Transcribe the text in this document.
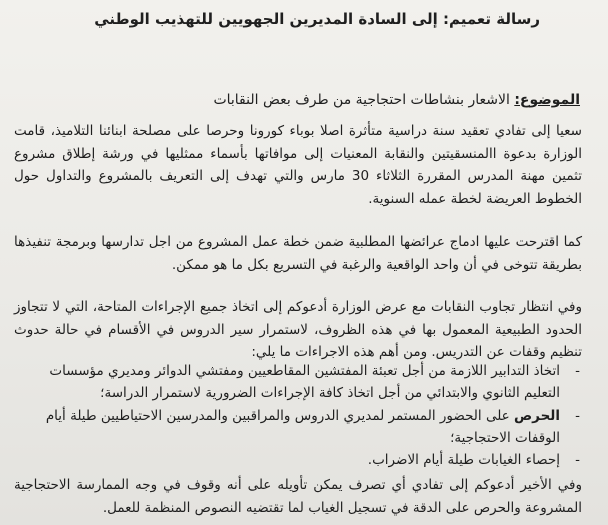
رسالة تعميم: إلى السادة المديرين الجهويين للتهذيب الوطني
الموضوع: الاشعار بنشاطات احتجاجية من طرف بعض النقابات
سعيا إلى تفادي تعقيد سنة دراسية متأثرة اصلا بوباء كورونا وحرصا على مصلحة ابنائنا التلاميذ، قامت الوزارة بدعوة االمنسقيتين والنقابة المعنيات إلى موافاتها بأسماء ممثليها في ورشة إطلاق مشروع تثمين مهنة المدرس المقررة الثلاثاء 30 مارس والتي تهدف إلى التعريف بالمشروع والتداول حول الخطوط العريضة لخطة عمله السنوية.
كما اقترحت عليها ادماج عرائضها المطلبية ضمن خطة عمل المشروع من اجل تدارسها وبرمجة تنفيذها بطريقة تتوخى في أن واحد الواقعية والرغبة في التسريع بكل ما هو ممكن.
وفي انتظار تجاوب النقابات مع عرض الوزارة أدعوكم إلى اتخاذ جميع الإجراءات المتاحة، التي لا تتجاوز الحدود الطبيعية المعمول بها في هذه الظروف، لاستمرار سير الدروس في الأقسام في حالة حدوث تنظيم وقفات عن التدريس. ومن أهم هذه الاجراءات ما يلي:
- اتخاذ التدابير اللازمة من أجل تعبئة المفتشين المقاطعيين ومفتشي الدوائر ومديري مؤسسات التعليم الثانوي والابتدائي من أجل اتخاذ كافة الإجراءات الضرورية لاستمرار الدراسة؛
- الحرص على الحضور المستمر لمديري الدروس والمراقبين والمدرسين الاحتياطيين طيلة أيام الوقفات الاحتجاجية؛
- إحصاء الغيابات طيلة أيام الاضراب.
وفي الأخير أدعوكم إلى تفادي أي تصرف يمكن تأويله على أنه وقوف في وجه الممارسة الاحتجاجية المشروعة والحرص على الدقة في تسجيل الغياب لما تقتضيه النصوص المنظمة للعمل.
